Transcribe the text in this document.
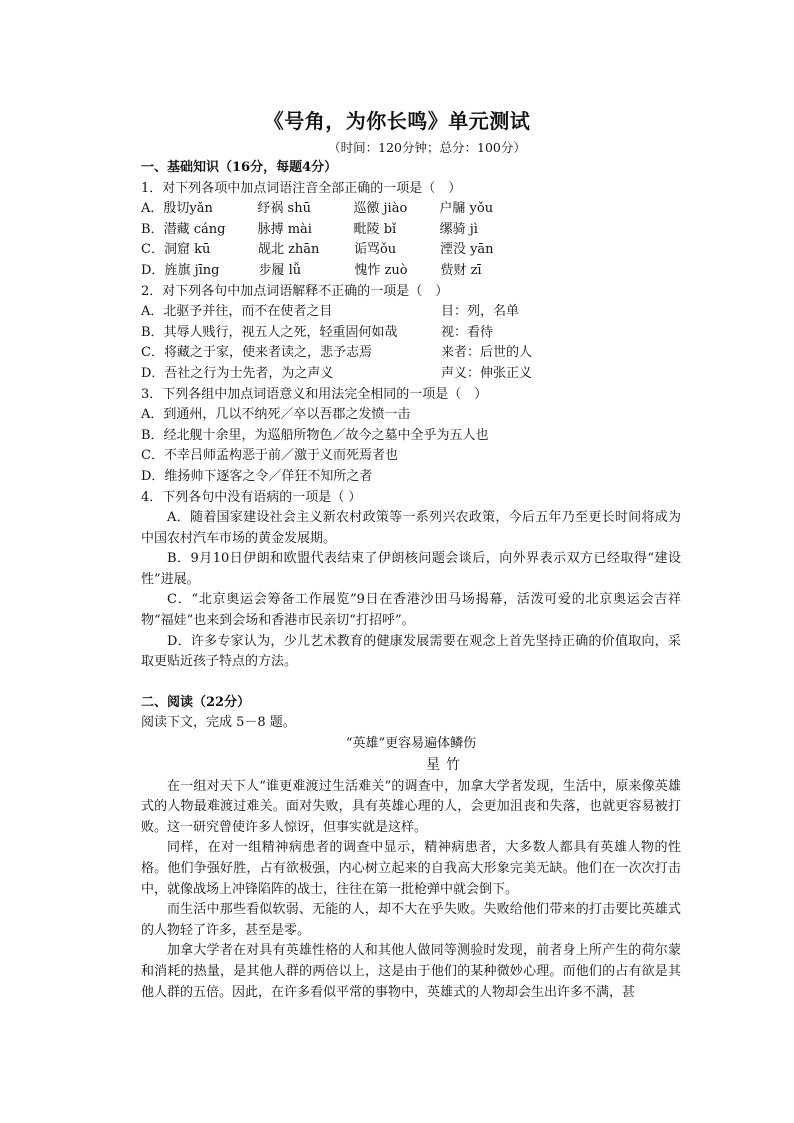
《号角，为你长鸣》单元测试
（时间：120分钟；总分：100分）
一、基础知识（16分，每题4分）
1．对下列各项中加点词语注音全部正确的一项是（　）
A．殷切yǎn	纾祸 shū	巡徼 jiào 户牖 yǒu
B．潜藏 cáng 脉搏 mài	毗陵 bǐ	缧骑 jì
C．洞窟 kū	觇北 zhān	诟骂ǒu	湮没 yān
D．旌旗 jīng	步履 lǚ	愧怍 zuò	赀财 zī
2．对下列各句中加点词语解释不正确的一项是（　）
A．北驱予并往，而不在使者之目	目：列，名单
B．其辱人贱行，视五人之死，轻重固何如哉	视：看待
C．将藏之于家，使来者读之，悲予志焉	来者：后世的人
D．吾社之行为士先者，为之声义	声义：伸张正义
3．下列各组中加点词语意义和用法完全相同的一项是（　）
A．到通州，几以不纳死／卒以吾郡之发愤一击
B．经北舰十余里，为巡船所物色／故今之墓中全乎为五人也
C．不幸吕师孟构恶于前／激于义而死焉者也
D．维扬帅下逐客之令／佯狂不知所之者
4．下列各句中没有语病的一项是（ ）
A．随着国家建设社会主义新农村政策等一系列兴农政策，今后五年乃至更长时间将成为中国农村汽车市场的黄金发展期。
B．9月10日伊朗和欧盟代表结束了伊朗核问题会谈后，向外界表示双方已经取得“建设性”进展。
C．“北京奥运会筹备工作展览”9日在香港沙田马场揭幕，活泼可爱的北京奥运会吉祥物“福娃”也来到会场和香港市民亲切“打招呼”。
D．许多专家认为，少儿艺术教育的健康发展需要在观念上首先坚持正确的价值取向，采取更贴近孩子特点的方法。
二、阅读（22分）
阅读下文，完成 5－8 题。
“英雄”更容易遍体鳞伤
星竹
在一组对天下人“谁更难渡过生活难关”的调查中，加拿大学者发现，生活中，原来像英雄式的人物最难渡过难关。面对失败，具有英雄心理的人，会更加沮丧和失落，也就更容易被打败。这一研究曾使许多人惊讶，但事实就是这样。
同样，在对一组精神病患者的调查中显示，精神病患者，大多数人都具有英雄人物的性格。他们争强好胜，占有欲极强，内心树立起来的自我高大形象完美无缺。他们在一次次打击中，就像战场上冲锋陷阵的战士，往往在第一批枪弹中就会倒下。
而生活中那些看似软弱、无能的人，却不大在乎失败。失败给他们带来的打击要比英雄式的人物轻了许多，甚至是零。
加拿大学者在对具有英雄性格的人和其他人做同等测验时发现，前者身上所产生的荷尔蒙和消耗的热量，是其他人群的两倍以上，这是由于他们的某种微妙心理。而他们的占有欲是其他人群的五倍。因此，在许多看似平常的事物中，英雄式的人物却会生出许多不满，甚
